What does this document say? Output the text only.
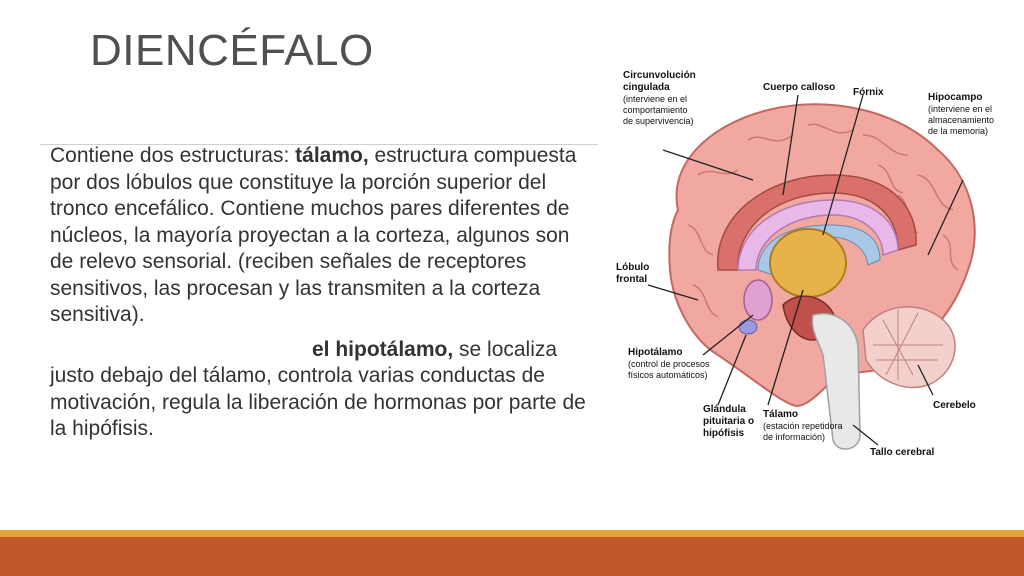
DIENCÉFALO

Contiene dos estructuras: tálamo, estructura compuesta por dos lóbulos que constituye la porción superior del tronco encefálico. Contiene muchos pares diferentes de núcleos, la mayoría proyectan a la corteza, algunos son de relevo sensorial. (reciben señales de receptores sensitivos, las procesan y las transmiten a la corteza sensitiva).

el hipotálamo, se localiza justo debajo del tálamo, controla varias conductas de motivación, regula la liberación de hormonas por parte de la hipófisis.

Circunvolución
cingulada
(interviene en el
comportamiento
de supervivencia)
Cuerpo calloso Fórnix	Hipocampo
(interviene en el
almacenamiento
de la memoria)
Lóbulo
frontal
Hipotálamo
(control de procesos
físicos automáticos)
Glándula
pituitaria o
hipófisis
Tálamo
(estación repetidora
de información)
Cerebelo
Tallo cerebral
